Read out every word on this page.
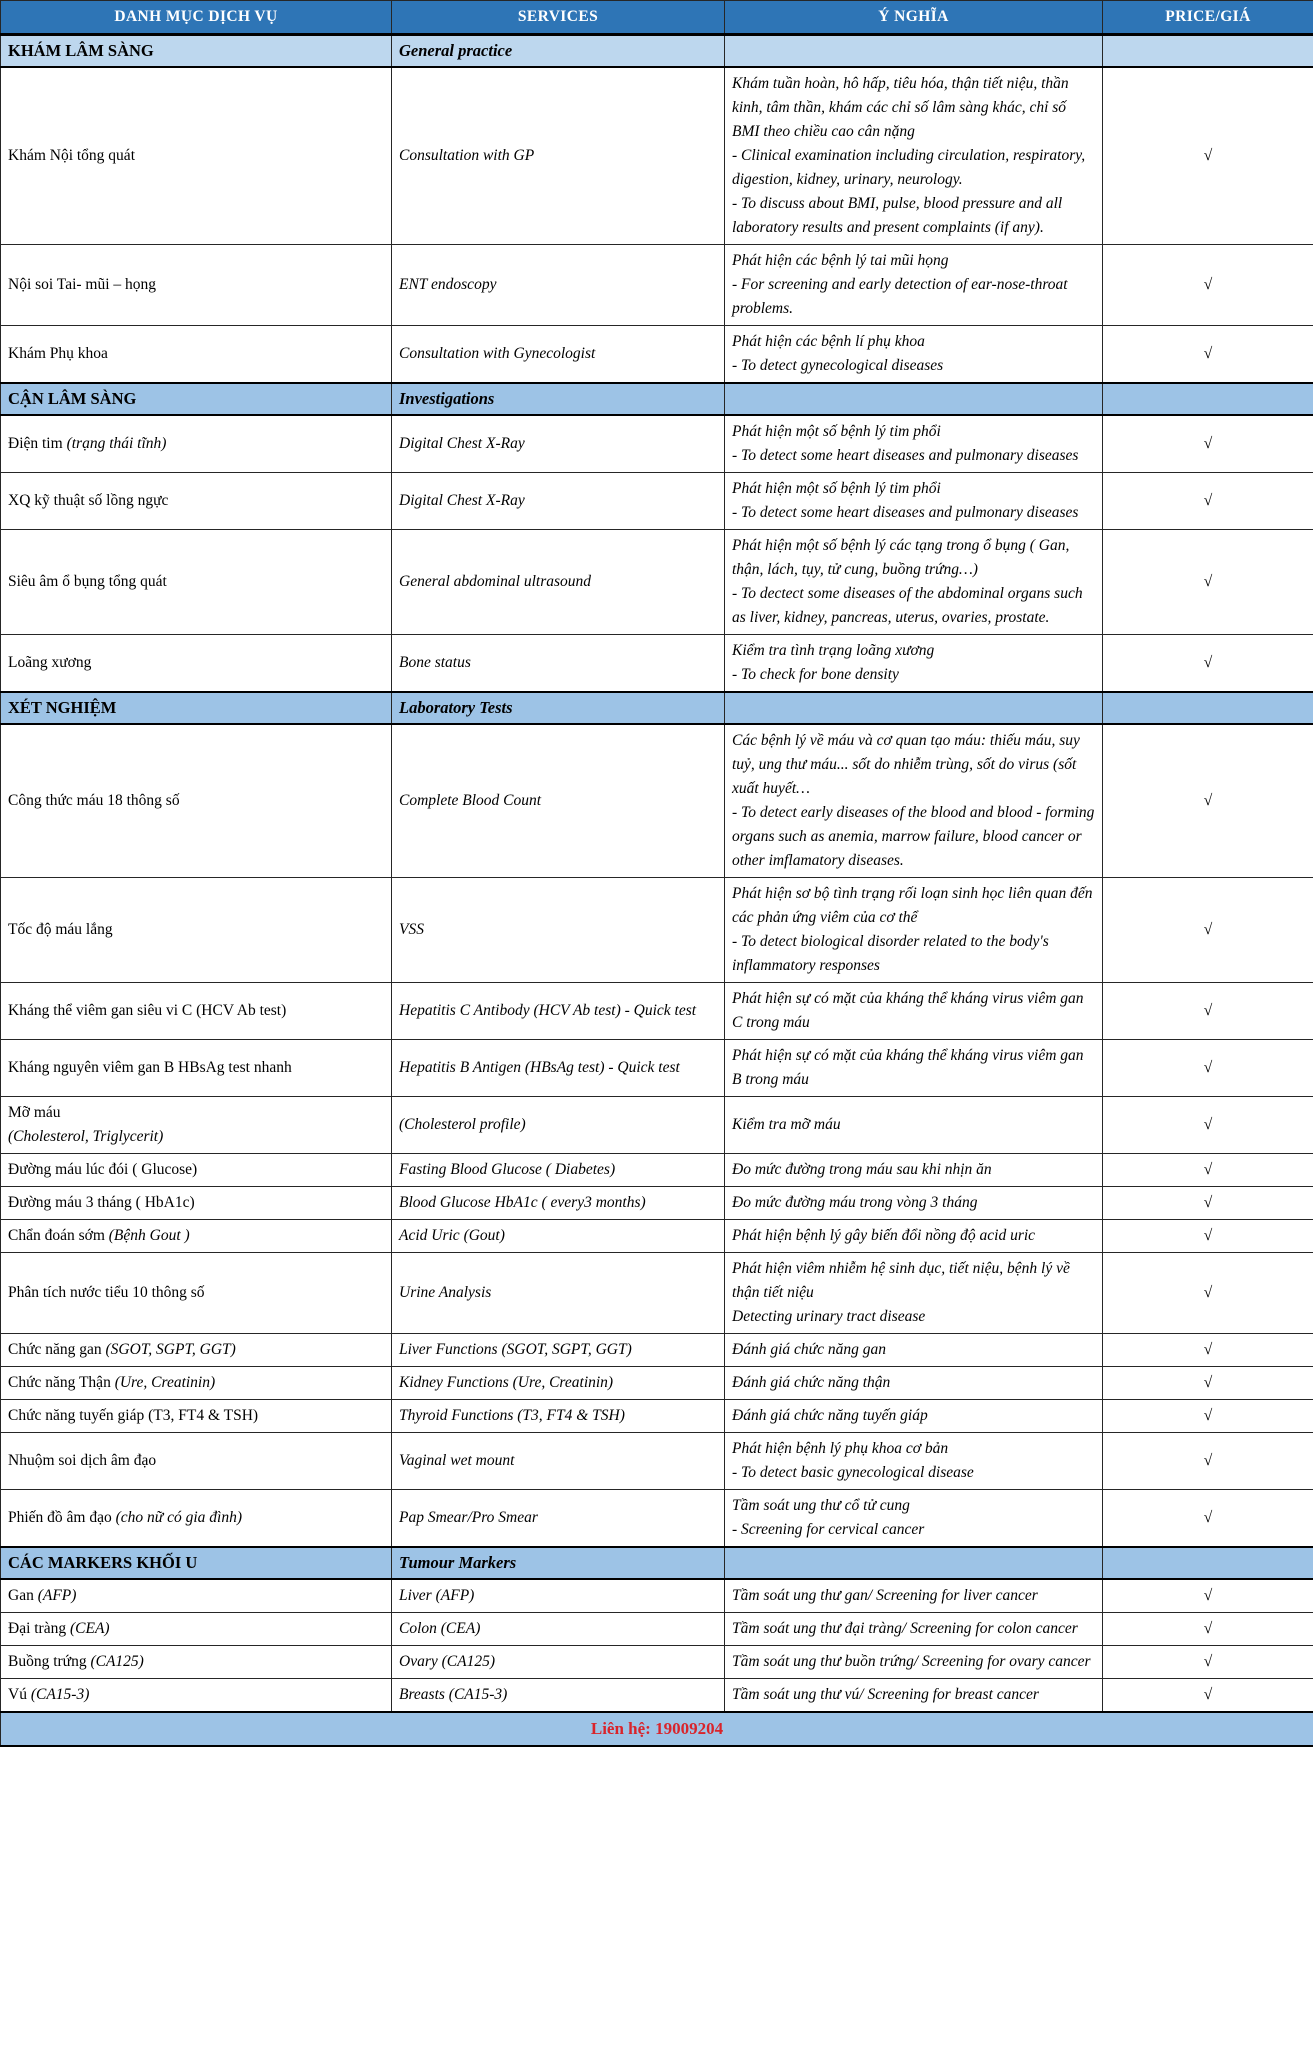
DANH MỤC DỊCH VỤ	SERVICES	Ý NGHĨA	PRICE/GIÁ
KHÁM LÂM SÀNG	General practice		
Khám Nội tổng quát	Consultation with GP	Khám tuần hoàn, hô hấp, tiêu hóa, thận tiết niệu, thần kinh, tâm thần, khám các chỉ số lâm sàng khác, chỉ số BMI theo chiều cao cân nặng
- Clinical examination including circulation, respiratory, digestion, kidney, urinary, neurology.
- To discuss about BMI, pulse, blood pressure and all laboratory results and present complaints (if any).	√
Nội soi Tai- mũi – họng	ENT endoscopy	Phát hiện các bệnh lý tai mũi họng
- For screening and early detection of ear-nose-throat problems.	√
Khám Phụ khoa	Consultation with Gynecologist	Phát hiện các bệnh lí phụ khoa
- To detect gynecological diseases	√
CẬN LÂM SÀNG	Investigations		
Điện tim (trạng thái tĩnh)	Digital Chest X-Ray	Phát hiện một số bệnh lý tim phổi
- To detect some heart diseases and pulmonary diseases	√
XQ kỹ thuật số lồng ngực	Digital Chest X-Ray	Phát hiện một số bệnh lý tim phổi
- To detect some heart diseases and pulmonary diseases	√
Siêu âm ổ bụng tổng quát	General abdominal ultrasound	Phát hiện một số bệnh lý các tạng trong ổ bụng ( Gan, thận, lách, tụy, tử cung, buồng trứng…)
- To dectect some diseases of the abdominal organs such as liver, kidney, pancreas, uterus, ovaries, prostate.	√
Loãng xương	Bone status	Kiểm tra tình trạng loãng xương
- To check for bone density	√
XÉT NGHIỆM	Laboratory Tests		
Công thức máu 18 thông số	Complete Blood Count	Các bệnh lý về máu và cơ quan tạo máu: thiếu máu, suy tuỷ, ung thư máu... sốt do nhiễm trùng, sốt do virus (sốt xuất huyết…
- To detect early diseases of the blood and blood - forming organs such as anemia, marrow failure, blood cancer or other imflamatory diseases.	√
Tốc độ máu lắng	VSS	Phát hiện sơ bộ tình trạng rối loạn sinh học liên quan đến các phản ứng viêm của cơ thể
- To detect biological disorder related to the body's inflammatory responses	√
Kháng thể viêm gan siêu vi C (HCV Ab test)	Hepatitis C Antibody (HCV Ab test) - Quick test	Phát hiện sự có mặt của kháng thể kháng virus viêm gan C trong máu	√
Kháng nguyên viêm gan B HBsAg test nhanh	Hepatitis B Antigen (HBsAg test) - Quick test	Phát hiện sự có mặt của kháng thể kháng virus viêm gan B trong máu	√
Mỡ máu
(Cholesterol, Triglycerit)	(Cholesterol profile)	Kiểm tra mỡ máu	√
Đường máu lúc đói ( Glucose)	Fasting Blood Glucose ( Diabetes)	Đo mức đường trong máu sau khi nhịn ăn	√
Đường máu 3 tháng ( HbA1c)	Blood Glucose HbA1c ( every3 months)	Đo mức đường máu trong vòng 3 tháng	√
Chẩn đoán sớm (Bệnh Gout )	Acid Uric (Gout)	Phát hiện bệnh lý gây biến đổi nồng độ acid uric	√
Phân tích nước tiểu 10 thông số	Urine Analysis	Phát hiện viêm nhiễm hệ sinh dục, tiết niệu, bệnh lý về thận tiết niệu
Detecting urinary tract disease	√
Chức năng gan (SGOT, SGPT, GGT)	Liver Functions (SGOT, SGPT, GGT)	Đánh giá chức năng gan	√
Chức năng Thận (Ure, Creatinin)	Kidney Functions (Ure, Creatinin)	Đánh giá chức năng thận	√
Chức năng tuyến giáp (T3, FT4 & TSH)	Thyroid Functions (T3, FT4 & TSH)	Đánh giá chức năng tuyến giáp	√
Nhuộm soi dịch âm đạo	Vaginal wet mount	Phát hiện bệnh lý phụ khoa cơ bản
- To detect basic gynecological disease	√
Phiến đồ âm đạo (cho nữ có gia đình)	Pap Smear/Pro Smear	Tầm soát ung thư cổ tử cung
- Screening for cervical cancer	√
CÁC MARKERS KHỐI U	Tumour Markers		
Gan (AFP)	Liver (AFP)	Tầm soát ung thư gan/ Screening for liver cancer	√
Đại tràng (CEA)	Colon (CEA)	Tầm soát ung thư đại tràng/ Screening for colon cancer	√
Buồng trứng (CA125)	Ovary (CA125)	Tầm soát ung thư buồn trứng/ Screening for ovary cancer	√
Vú (CA15-3)	Breasts (CA15-3)	Tầm soát ung thư vú/ Screening for breast cancer	√
Liên hệ: 19009204			
